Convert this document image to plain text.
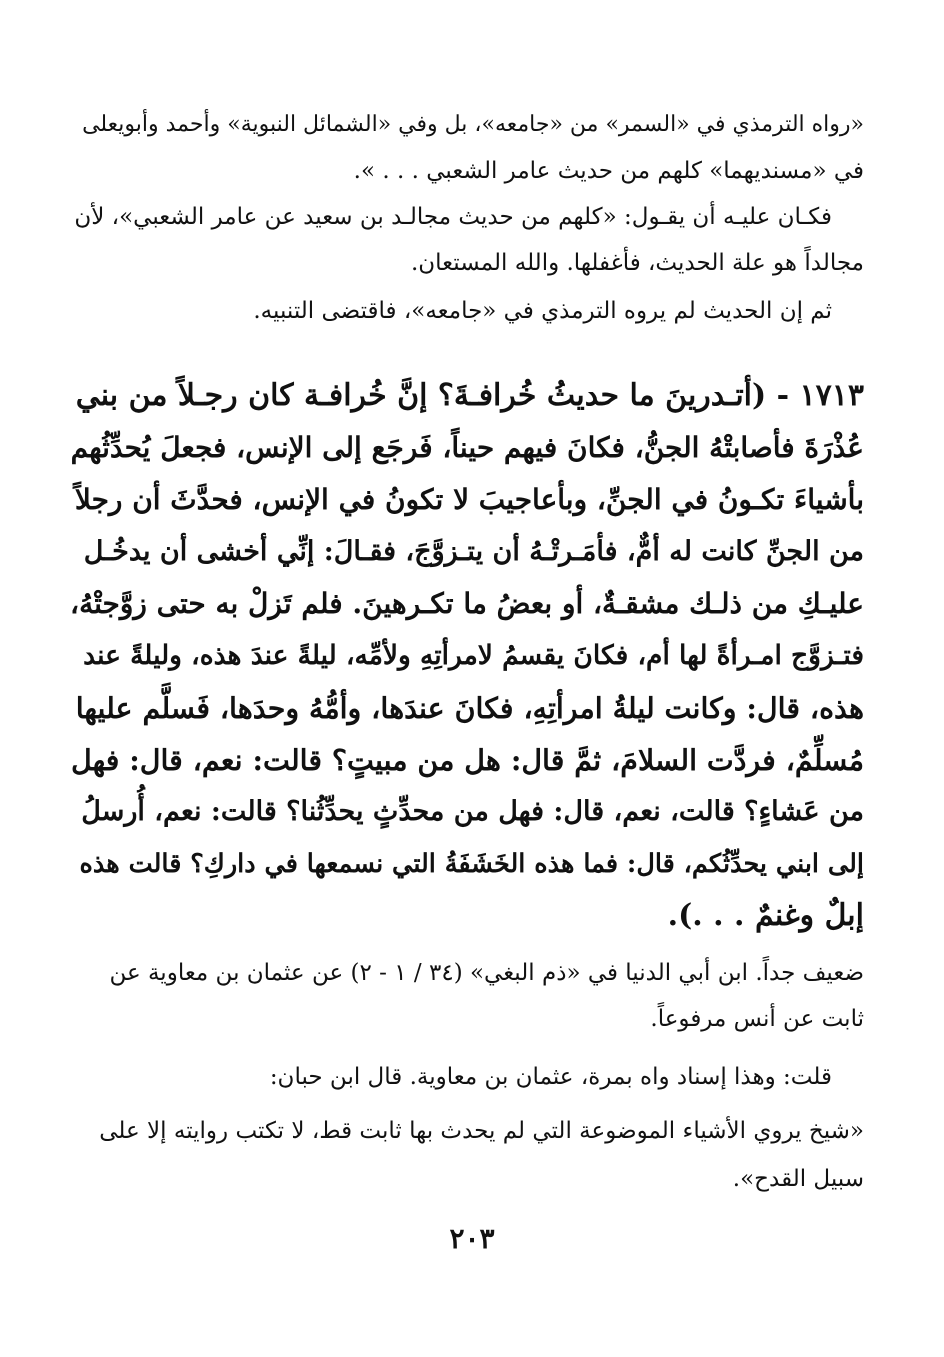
«رواه الترمذي في «السمر» من «جامعه»، بل وفي «الشمائل النبوية» وأحمد وأبويعلى
في «مسنديهما» كلهم من حديث عامر الشعبي . . . ».
فكـان عليـه أن يقـول: «كلهم من حديث مجالـد بن سعيد عن عامر الشعبي»، لأن
مجالداً هو علة الحديث، فأغفلها. والله المستعان.
ثم إن الحديث لم يروه الترمذي في «جامعه»، فاقتضى التنبيه.
١٧١٣ - (أتـدرينَ ما حديثُ خُرافـةَ؟ إنَّ خُرافـة كان رجـلاً من بني
عُذْرَةَ فأصابتْهُ الجنُّ، فكانَ فيهم حيناً، فَرجَع إلى الإنس، فجعلَ يُحدِّثُهم
بأشياءَ تكـونُ في الجنِّ، وبأعاجيبَ لا تكونُ في الإنس، فحدَّثَ أن رجلاً
من الجنِّ كانت له أمٌّ، فأمَـرتْـهُ أن يتـزوَّجَ، فقـالَ: إنِّي أخشى أن يدخُـل
عليـكِ من ذلـك مشقـةٌ، أو بعضُ ما تكـرهينَ. فلم تَزلْ به حتى زوَّجتْهُ،
فتـزوَّج امـرأةً لها أم، فكانَ يقسمُ لامرأتِهِ ولأمِّه، ليلةً عندَ هذه، وليلةً عند
هذه، قال: وكانت ليلةُ امرأتِهِ، فكانَ عندَها، وأمُّهُ وحدَها، فَسلَّم عليها
مُسلِّمٌ، فردَّت السلامَ، ثمَّ قال: هل من مبيتٍ؟ قالت: نعم، قال: فهل
من عَشاءٍ؟ قالت، نعم، قال: فهل من محدِّثٍ يحدِّثُنا؟ قالت: نعم، أُرسلُ
إلى ابني يحدِّثُكم، قال: فما هذه الخَشَفَةُ التي نسمعها في داركِ؟ قالت هذه
إبلٌ وغنمٌ . . .).
ضعيف جداً. ابن أبي الدنيا في «ذم البغي» (٣٤ / ١ - ٢) عن عثمان بن معاوية عن
ثابت عن أنس مرفوعاً.
قلت: وهذا إسناد واه بمرة، عثمان بن معاوية. قال ابن حبان:
«شيخ يروي الأشياء الموضوعة التي لم يحدث بها ثابت قط، لا تكتب روايته إلا على
سبيل القدح».
٢٠٣
